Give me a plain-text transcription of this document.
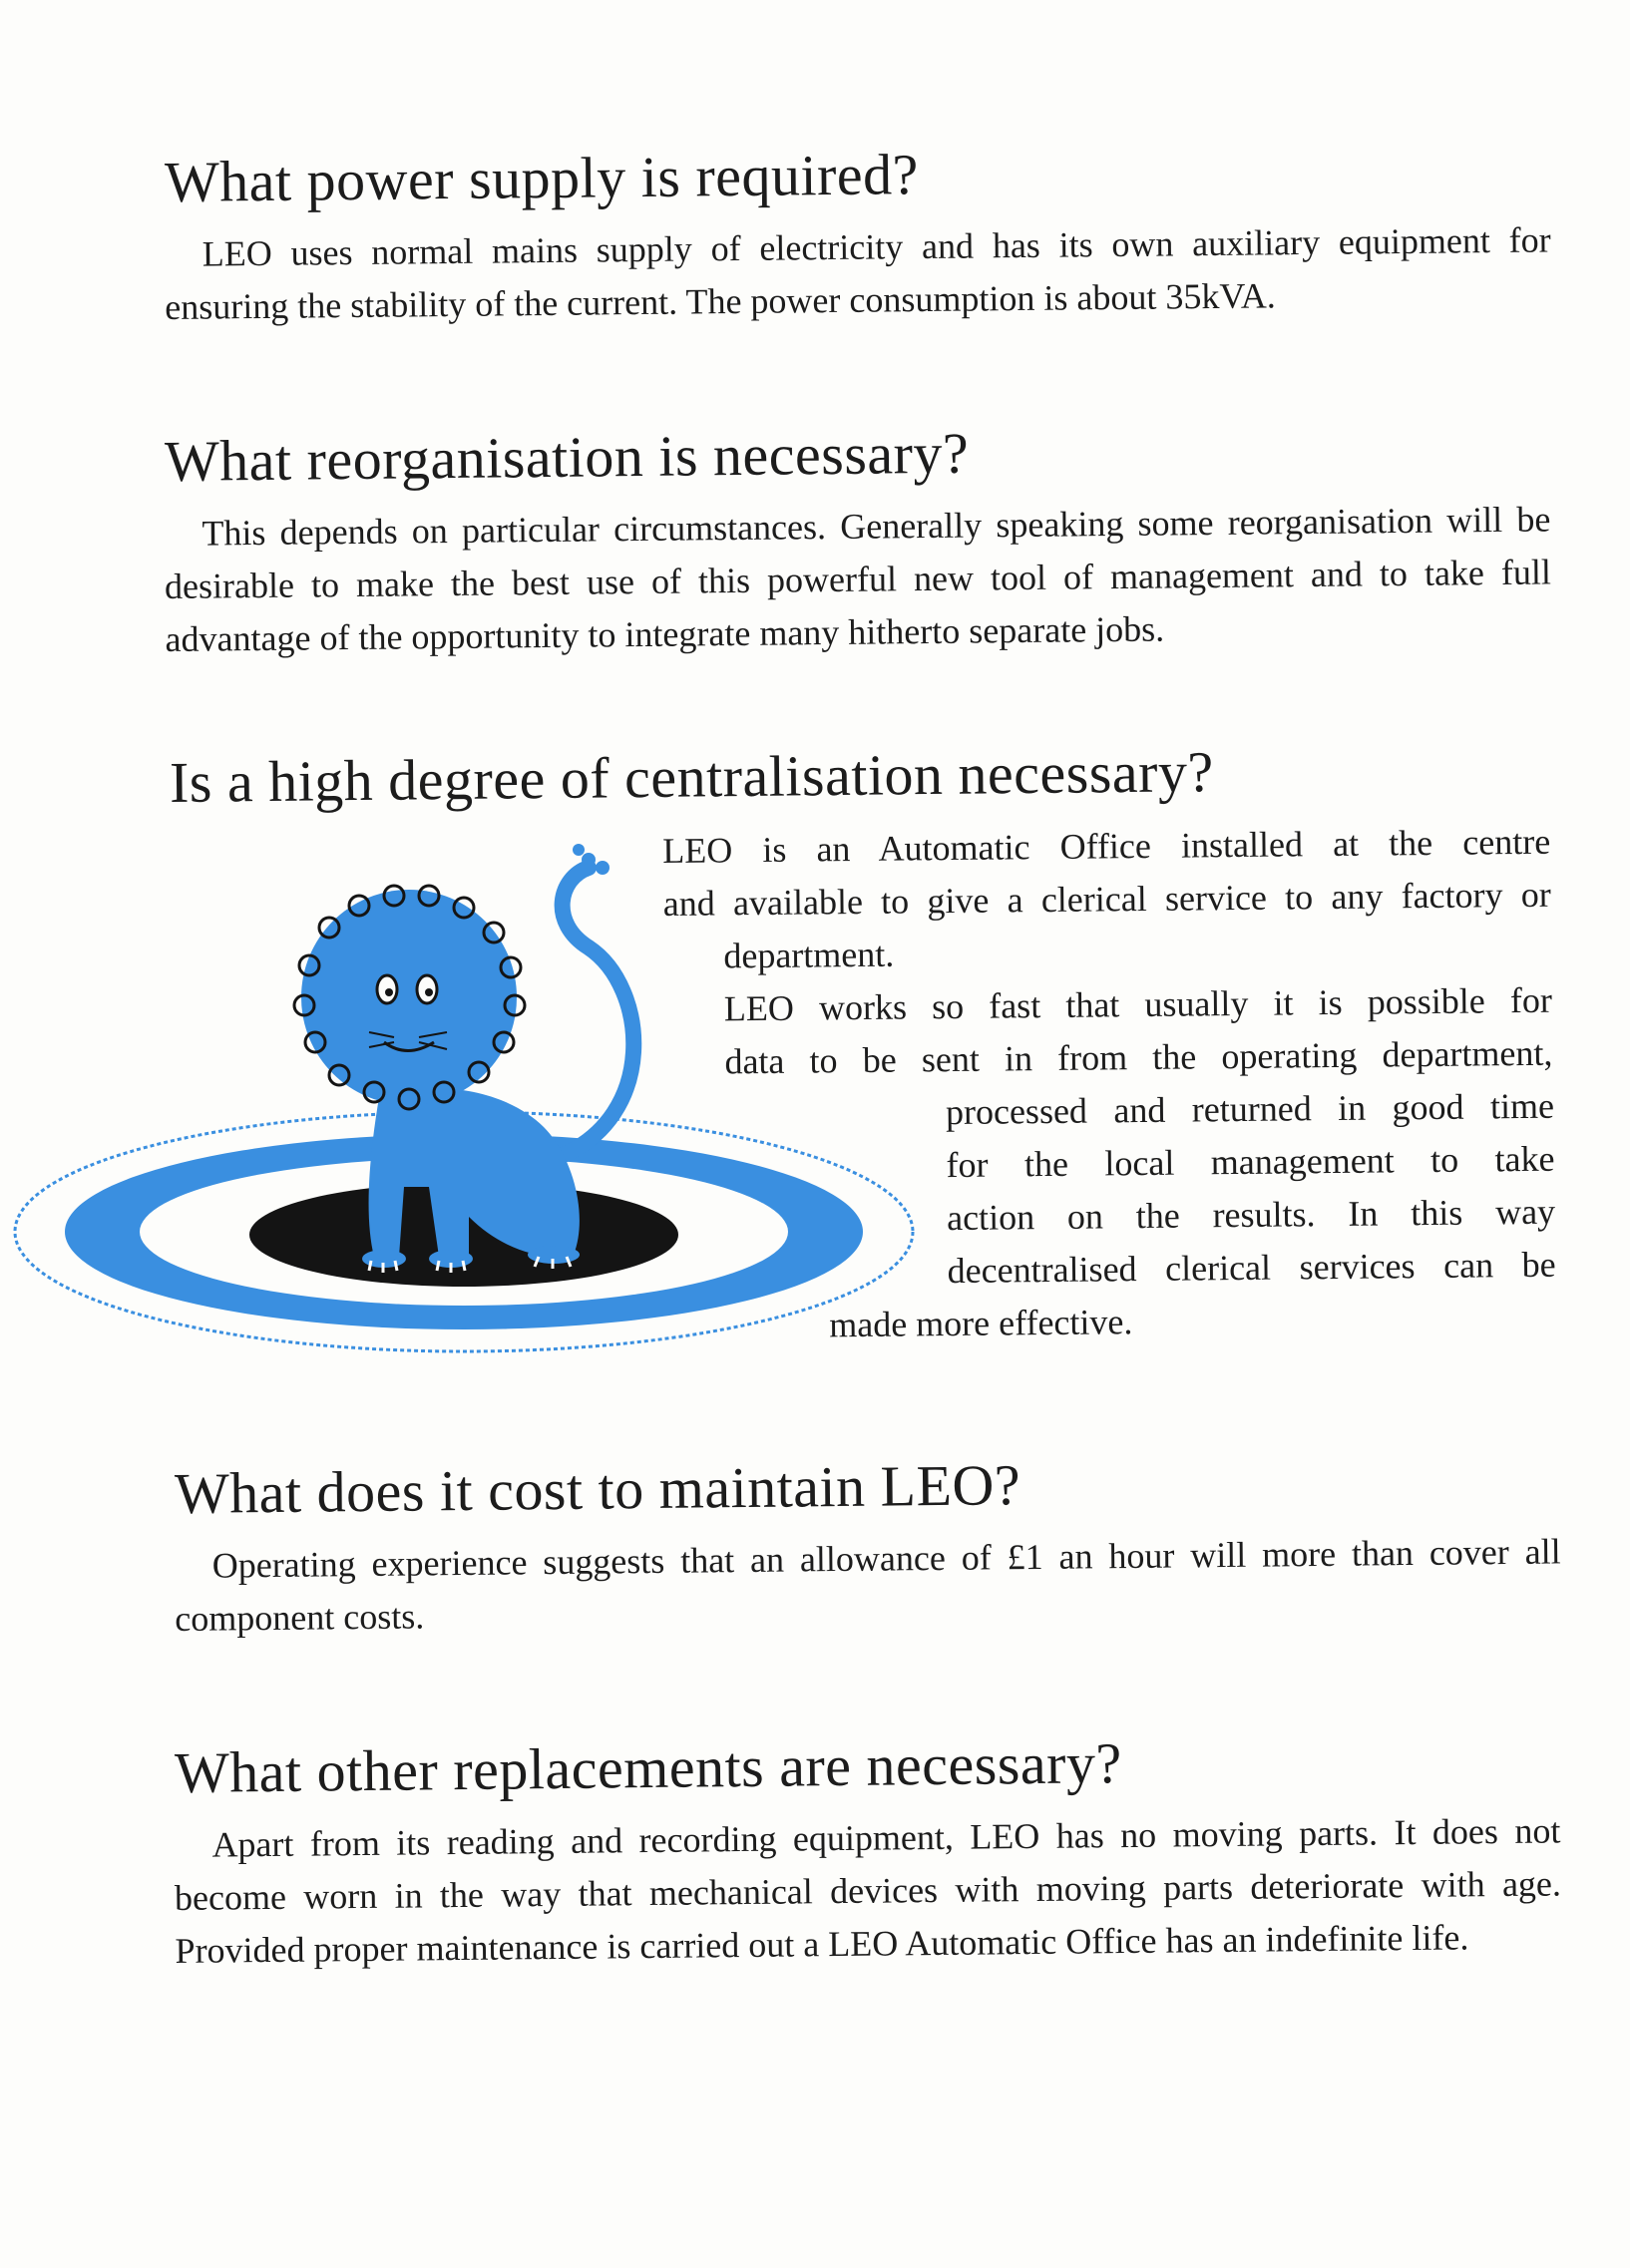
What power supply is required?

LEO uses normal mains supply of electricity and has its own auxiliary equipment for ensuring the stability of the current. The power consumption is about 35kVA.

What reorganisation is necessary?

This depends on particular circumstances. Generally speaking some reorganisation will be desirable to make the best use of this powerful new tool of management and to take full advantage of the opportunity to integrate many hitherto separate jobs.

Is a high degree of centralisation necessary?
LEO is an Automatic Office installed at the centre
and available to give a clerical service to any factory or
department.
LEO works so fast that usually it is possible for
data to be sent in from the operating department,
processed and returned in good time
for the local management to take
action on the results. In this way
decentralised clerical services can be
made more effective.
What does it cost to maintain LEO?

Operating experience suggests that an allowance of £1 an hour will more than cover all component costs.

What other replacements are necessary?

Apart from its reading and recording equipment, LEO has no moving parts. It does not become worn in the way that mechanical devices with moving parts deteriorate with age. Provided proper maintenance is carried out a LEO Automatic Office has an indefinite life.
